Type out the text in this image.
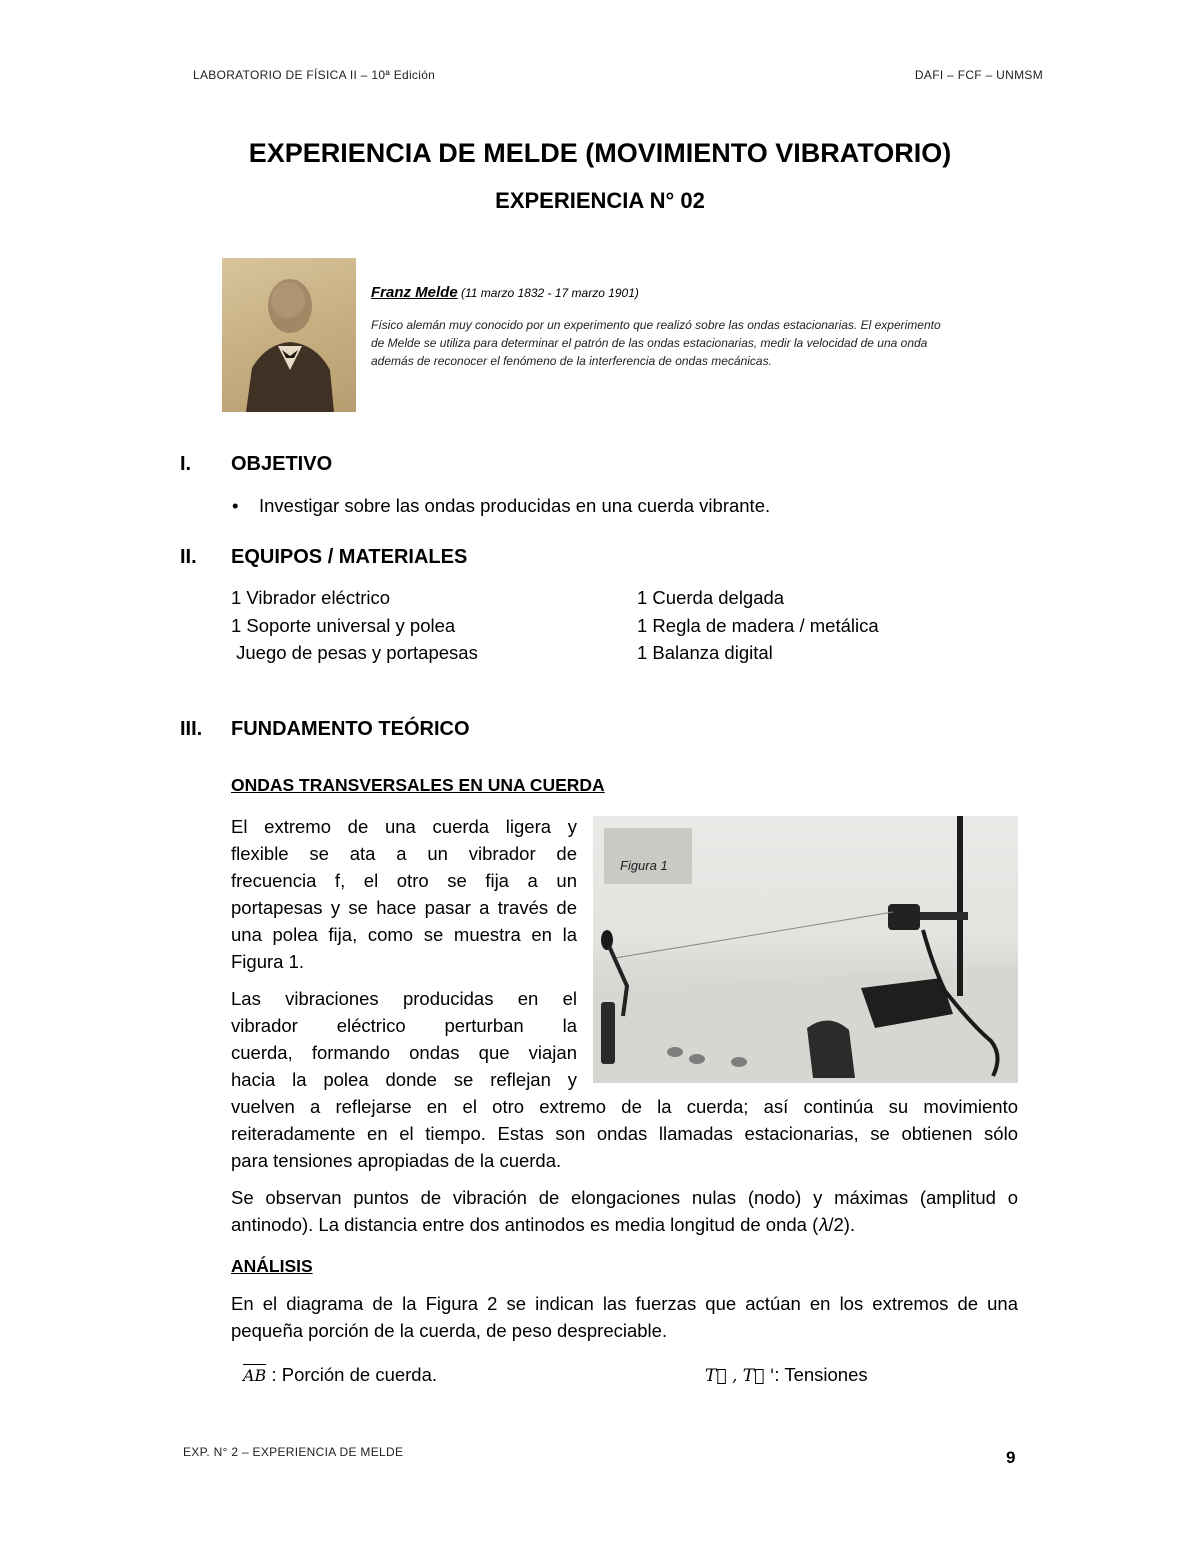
LABORATORIO DE FÍSICA II – 10ª Edición	DAFI – FCF – UNMSM
EXPERIENCIA DE MELDE (MOVIMIENTO VIBRATORIO)
EXPERIENCIA N° 02
Franz Melde (11 marzo 1832 - 17 marzo 1901)
Físico alemán muy conocido por un experimento que realizó sobre las ondas estacionarias. El experimento
de Melde se utiliza para determinar el patrón de las ondas estacionarias, medir la velocidad de una onda
además de reconocer el fenómeno de la interferencia de ondas mecánicas.
I. OBJETIVO
• Investigar sobre las ondas producidas en una cuerda vibrante.
II. EQUIPOS / MATERIALES
1 Vibrador eléctrico
1 Soporte universal y polea
Juego de pesas y portapesas
1 Cuerda delgada
1 Regla de madera / metálica
1 Balanza digital
III. FUNDAMENTO TEÓRICO
ONDAS TRANSVERSALES EN UNA CUERDA
El extremo de una cuerda ligera y
flexible se ata a un vibrador de
frecuencia f, el otro se fija a un
portapesas y se hace pasar a través de
una polea fija, como se muestra en la
Figura 1.
Las vibraciones producidas en el
vibrador eléctrico perturban la
cuerda, formando ondas que viajan
hacia la polea donde se reflejan y
Figura 1
vuelven a reflejarse en el otro extremo de la cuerda; así continúa su movimiento
reiteradamente en el tiempo. Estas son ondas llamadas estacionarias, se obtienen sólo
para tensiones apropiadas de la cuerda.
Se observan puntos de vibración de elongaciones nulas (nodo) y máximas (amplitud o
antinodo). La distancia entre dos antinodos es media longitud de onda (𝜆/2).
ANÁLISIS
En el diagrama de la Figura 2 se indican las fuerzas que actúan en los extremos de una
pequeña porción de la cuerda, de peso despreciable.
AB : Porción de cuerda.	T⃗ , T⃗ ': Tensiones
EXP. N° 2 – EXPERIENCIA DE MELDE	9
